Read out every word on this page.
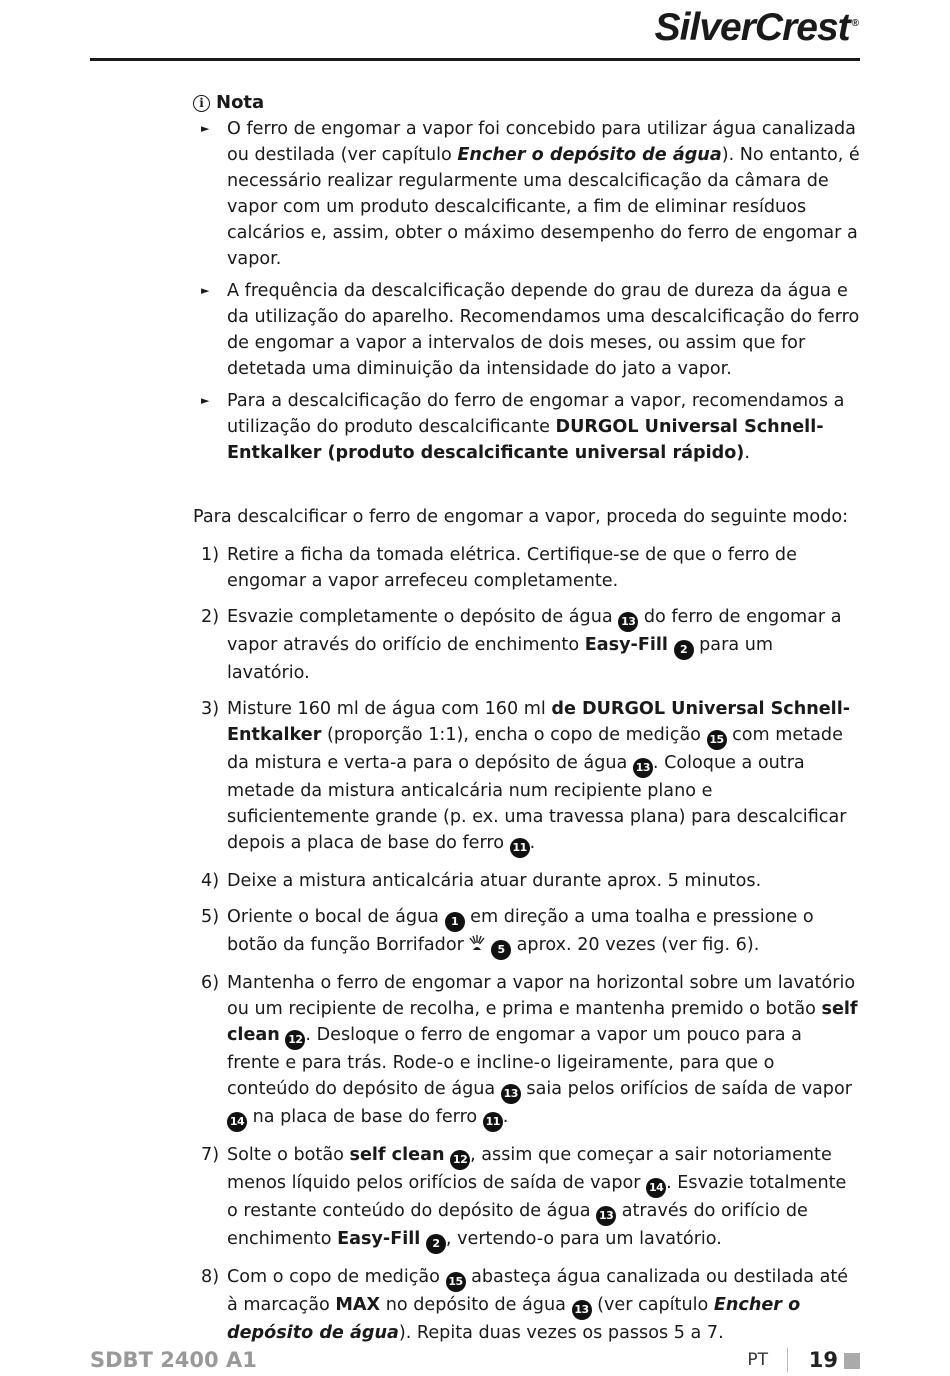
SilverCrest ®
i Nota
► O ferro de engomar a vapor foi concebido para utilizar água canalizada ou destilada (ver capítulo Encher o depósito de água). No entanto, é necessário realizar regularmente uma descalcificação da câmara de vapor com um produto descalcificante, a fim de eliminar resíduos calcários e, assim, obter o máximo desempenho do ferro de engomar a vapor.
► A frequência da descalcificação depende do grau de dureza da água e da utilização do aparelho. Recomendamos uma descalcificação do ferro de engomar a vapor a intervalos de dois meses, ou assim que for detetada uma diminuição da intensidade do jato a vapor.
► Para a descalcificação do ferro de engomar a vapor, recomendamos a utilização do produto descalcificante DURGOL Universal Schnell-Entkalker (produto descalcificante universal rápido).
Para descalcificar o ferro de engomar a vapor, proceda do seguinte modo:
1) Retire a ficha da tomada elétrica. Certifique-se de que o ferro de engomar a vapor arrefeceu completamente.
2) Esvazie completamente o depósito de água 13 do ferro de engomar a vapor através do orifício de enchimento Easy-Fill 2 para um lavatório.
3) Misture 160 ml de água com 160 ml de DURGOL Universal Schnell-Entkalker (proporção 1:1), encha o copo de medição 15 com metade da mistura e verta-a para o depósito de água 13 . Coloque a outra metade da mistura anticalcária num recipiente plano e suficientemente grande (p. ex. uma travessa plana) para descalcificar depois a placa de base do ferro 11 .
4) Deixe a mistura anticalcária atuar durante aprox. 5 minutos.
5) Oriente o bocal de água 1 em direção a uma toalha e pressione o botão da função Borrifador	5 aprox. 20 vezes (ver fig. 6).
6) Mantenha o ferro de engomar a vapor na horizontal sobre um lavatório ou um recipiente de recolha, e prima e mantenha premido o botão self clean 12 . Desloque o ferro de engomar a vapor um pouco para a frente e para trás. Rode-o e incline-o ligeiramente, para que o conteúdo do depósito de água 13 saia pelos orifícios de saída de vapor 14 na placa de base do ferro 11 .
7) Solte o botão self clean 12 , assim que começar a sair notoriamente menos líquido pelos orifícios de saída de vapor 14 . Esvazie totalmente o restante conteúdo do depósito de água 13 através do orifício de enchimento Easy-Fill 2 , vertendo-o para um lavatório.
8) Com o copo de medição 15 abasteça água canalizada ou destilada até à marcação MAX no depósito de água 13 (ver capítulo Encher o depósito de água). Repita duas vezes os passos 5 a 7.
SDBT 2400 A1	PT 19
